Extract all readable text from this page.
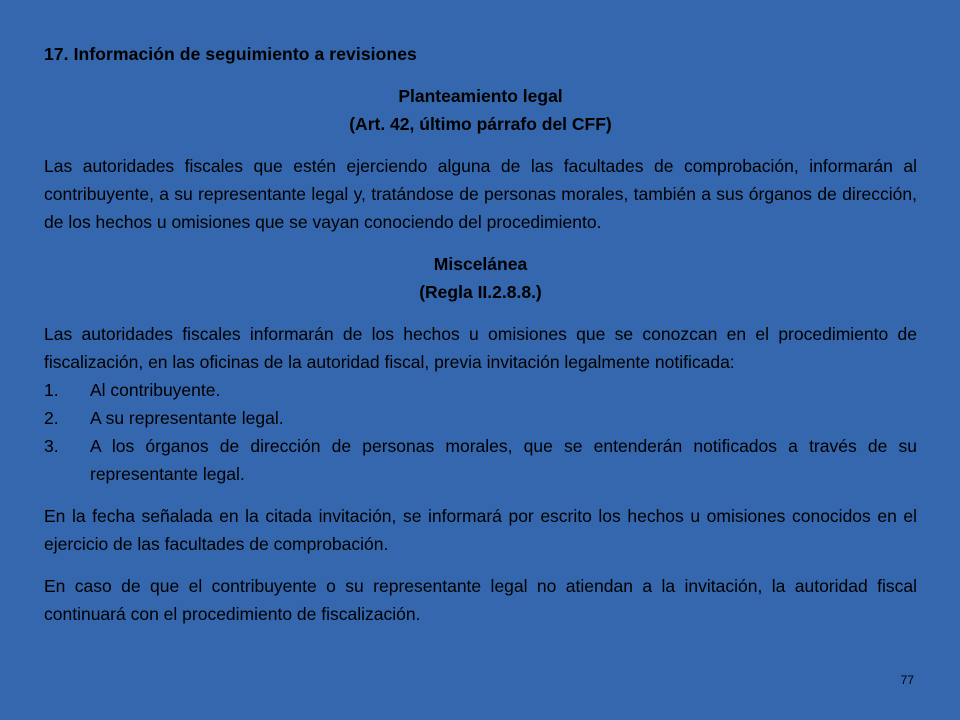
17. Información de seguimiento a revisiones

Planteamiento legal

(Art. 42, último párrafo del CFF)

Las autoridades fiscales que estén ejerciendo alguna de las facultades de comprobación, informarán al contribuyente, a su representante legal y, tratándose de personas morales, también a sus órganos de dirección, de los hechos u omisiones que se vayan conociendo del procedimiento.

Miscelánea

(Regla II.2.8.8.)

Las autoridades fiscales informarán de los hechos u omisiones que se conozcan en el procedimiento de fiscalización, en las oficinas de la autoridad fiscal, previa invitación legalmente notificada:

1.	Al contribuyente.
2.	A su representante legal.
3.	A los órganos de dirección de personas morales, que se entenderán notificados a través de su representante legal.

En la fecha señalada en la citada invitación, se informará por escrito los hechos u omisiones conocidos en el ejercicio de las facultades de comprobación.

En caso de que el contribuyente o su representante legal no atiendan a la invitación, la autoridad fiscal continuará con el procedimiento de fiscalización.

77
